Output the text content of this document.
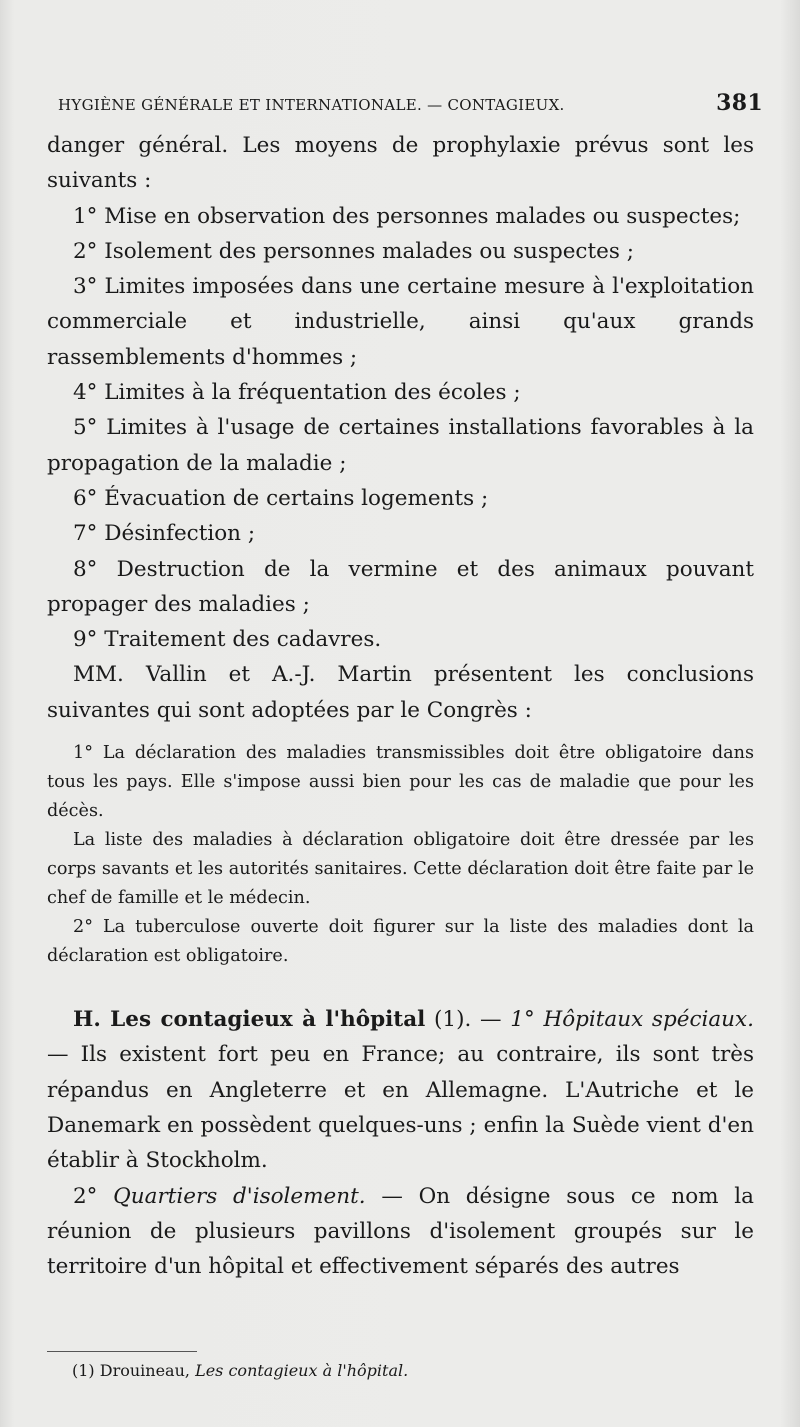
HYGIÈNE GÉNÉRALE ET INTERNATIONALE. — CONTAGIEUX.	381

danger général. Les moyens de prophylaxie prévus sont les suivants :

1° Mise en observation des personnes malades ou suspectes;

2° Isolement des personnes malades ou suspectes ;

3° Limites imposées dans une certaine mesure à l'exploitation commerciale et industrielle, ainsi qu'aux grands rassemblements d'hommes ;

4° Limites à la fréquentation des écoles ;

5° Limites à l'usage de certaines installations favorables à la propagation de la maladie ;

6° Évacuation de certains logements ;

7° Désinfection ;

8° Destruction de la vermine et des animaux pouvant propager des maladies ;

9° Traitement des cadavres.

MM. Vallin et A.-J. Martin présentent les conclusions suivantes qui sont adoptées par le Congrès :

1° La déclaration des maladies transmissibles doit être obligatoire dans tous les pays. Elle s'impose aussi bien pour les cas de maladie que pour les décès.

La liste des maladies à déclaration obligatoire doit être dressée par les corps savants et les autorités sanitaires. Cette déclaration doit être faite par le chef de famille et le médecin.

2° La tuberculose ouverte doit figurer sur la liste des maladies dont la déclaration est obligatoire.

H. Les contagieux à l'hôpital (1). — 1° Hôpitaux spéciaux.— Ils existent fort peu en France; au contraire, ils sont très répandus en Angleterre et en Allemagne. L'Autriche et le Danemark en possèdent quelques-uns ; enfin la Suède vient d'en établir à Stockholm.

2° Quartiers d'isolement. — On désigne sous ce nom la réunion de plusieurs pavillons d'isolement groupés sur le territoire d'un hôpital et effectivement séparés des autres

(1) Drouineau, Les contagieux à l'hôpital.
